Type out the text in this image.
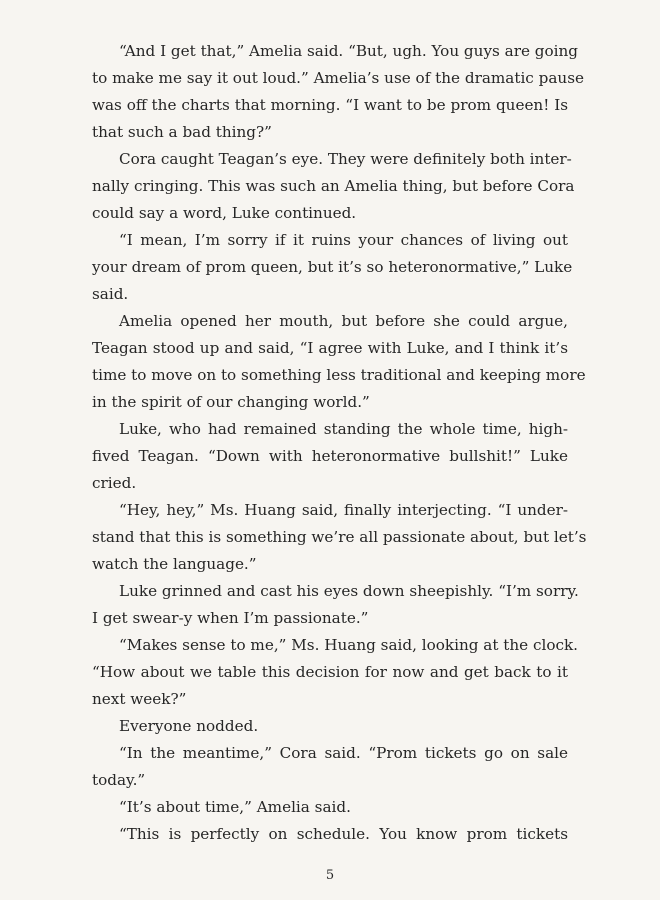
“And I get that,” Amelia said. “But, ugh. You guys are going
to make me say it out loud.” Amelia’s use of the dramatic pause
was off the charts that morning. “I want to be prom queen! Is
that such a bad thing?”
Cora caught Teagan’s eye. They were definitely both inter-
nally cringing. This was such an Amelia thing, but before Cora
could say a word, Luke continued.
“I mean, I’m sorry if it ruins your chances of living out
your dream of prom queen, but it’s so heteronormative,” Luke
said.
Amelia opened her mouth, but before she could argue,
Teagan stood up and said, “I agree with Luke, and I think it’s
time to move on to something less traditional and keeping more
in the spirit of our changing world.”
Luke, who had remained standing the whole time, high-
fived Teagan. “Down with heteronormative bullshit!” Luke
cried.
“Hey, hey,” Ms. Huang said, finally interjecting. “I under-
stand that this is something we’re all passionate about, but let’s
watch the language.”
Luke grinned and cast his eyes down sheepishly. “I’m sorry.
I get swear-y when I’m passionate.”
“Makes sense to me,” Ms. Huang said, looking at the clock.
“How about we table this decision for now and get back to it
next week?”
Everyone nodded.
“In the meantime,” Cora said. “Prom tickets go on sale
today.”
“It’s about time,” Amelia said.
“This is perfectly on schedule. You know prom tickets
5
